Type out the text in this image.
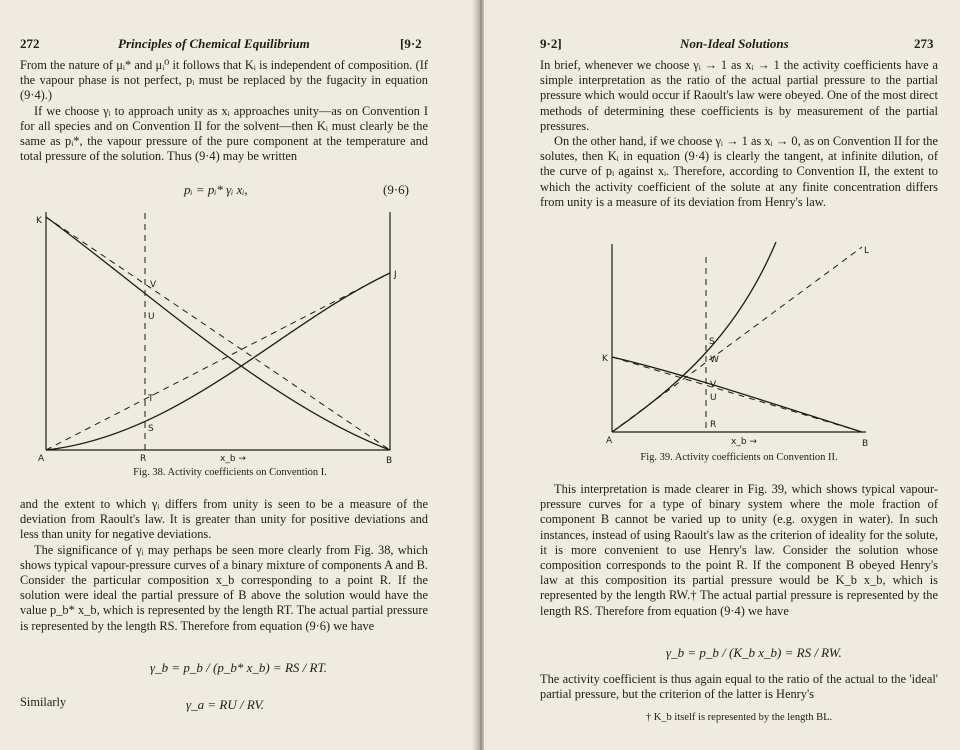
272	Principles of Chemical Equilibrium	[9·2

From the nature of μᵢ* and μᵢ⁰ it follows that Kᵢ is independent of composition. (If the vapour phase is not perfect, pᵢ must be replaced by the fugacity in equation (9·4).)

If we choose γᵢ to approach unity as xᵢ approaches unity—as on Convention I for all species and on Convention II for the solvent—then Kᵢ must clearly be the same as pᵢ*, the vapour pressure of the pure component at the temperature and total pressure of the solution. Thus (9·4) may be written

pᵢ = pᵢ* γᵢ xᵢ,	(9·6)
K
V
U
T
S
J
A	R	B
x_b →
Fig. 38. Activity coefficients on Convention I.

and the extent to which γᵢ differs from unity is seen to be a measure of the deviation from Raoult's law. It is greater than unity for positive deviations and less than unity for negative deviations.

The significance of γᵢ may perhaps be seen more clearly from Fig. 38, which shows typical vapour-pressure curves of a binary mixture of components A and B. Consider the particular composition x_b corresponding to a point R. If the solution were ideal the partial pressure of B above the solution would have the value p_b* x_b, which is represented by the length RT. The actual partial pressure is represented by the length RS. Therefore from equation (9·6) we have

γ_b = p_b / (p_b* x_b) = RS / RT.
Similarly	γ_a = RU / RV.
9·2]	Non-Ideal Solutions	273

In brief, whenever we choose γᵢ → 1 as xᵢ → 1 the activity coefficients have a simple interpretation as the ratio of the actual partial pressure to the partial pressure which would occur if Raoult's law were obeyed. One of the most direct methods of determining these coefficients is by measurement of the partial pressures.

On the other hand, if we choose γᵢ → 1 as xᵢ → 0, as on Convention II for the solutes, then Kᵢ in equation (9·4) is clearly the tangent, at infinite dilution, of the curve of pᵢ against xᵢ. Therefore, according to Convention II, the extent to which the activity coefficient of the solute at any finite concentration differs from unity is a measure of its deviation from Henry's law.

L
K
S
W
V
U
R
A	B
x_b →
Fig. 39. Activity coefficients on Convention II.

This interpretation is made clearer in Fig. 39, which shows typical vapour-pressure curves for a type of binary system where the mole fraction of component B cannot be varied up to unity (e.g. oxygen in water). In such instances, instead of using Raoult's law as the criterion of ideality for the solute, it is more convenient to use Henry's law. Consider the solution whose composition corresponds to the point R. If the component B obeyed Henry's law at this composition its partial pressure would be K_b x_b, which is represented by the length RW.† The actual partial pressure is represented by the length RS. Therefore from equation (9·4) we have

γ_b = p_b / (K_b x_b) = RS / RW.
The activity coefficient is thus again equal to the ratio of the actual to the 'ideal' partial pressure, but the criterion of the latter is Henry's
† K_b itself is represented by the length BL.
